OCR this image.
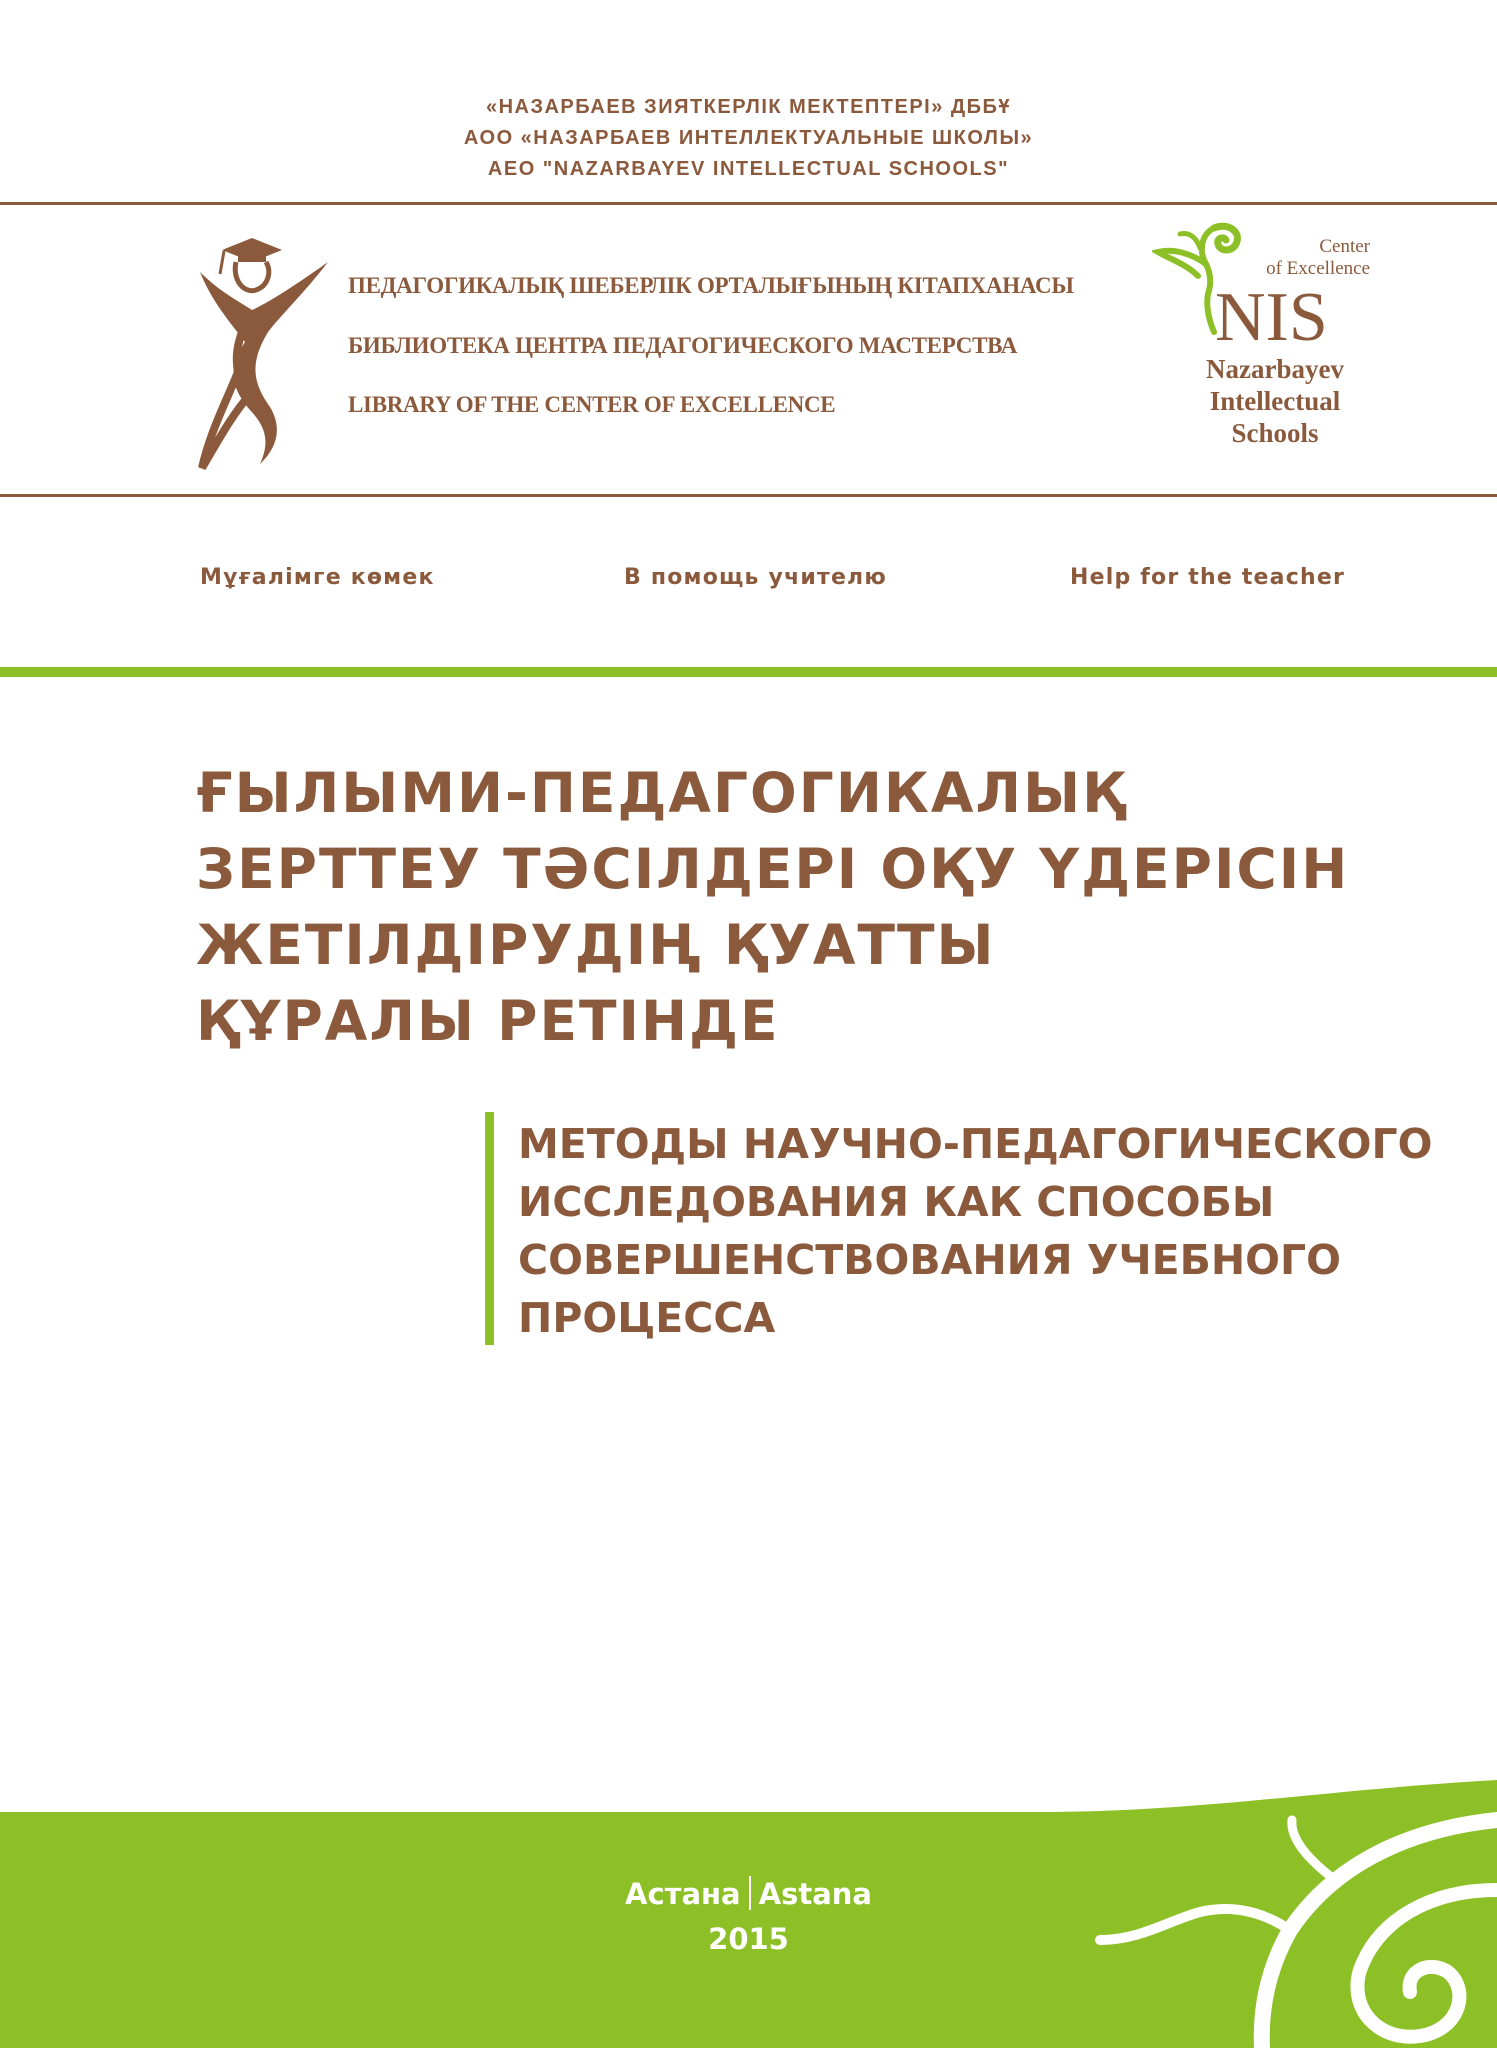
«НАЗАРБАЕВ ЗИЯТКЕРЛІК МЕКТЕПТЕРІ» ДББҰ
АОО «НАЗАРБАЕВ ИНТЕЛЛЕКТУАЛЬНЫЕ ШКОЛЫ»
АЕО "NAZARBAYEV INTELLECTUAL SCHOOLS"
ПЕДАГОГИКАЛЫҚ ШЕБЕРЛІК ОРТАЛЫҒЫНЫҢ КІТАПХАНАСЫ
БИБЛИОТЕКА ЦЕНТРА ПЕДАГОГИЧЕСКОГО МАСТЕРСТВА
LIBRARY OF THE CENTER OF EXCELLENCE
Center
of Excellence
NIS
Nazarbayev
Intellectual
Schools
Мұғалімге көмек	В помощь учителю	Help for the teacher
ҒЫЛЫМИ-ПЕДАГОГИКАЛЫҚ
ЗЕРТТЕУ ТӘСІЛДЕРІ ОҚУ ҮДЕРІСІН
ЖЕТІЛДІРУДІҢ ҚУАТТЫ
ҚҰРАЛЫ РЕТІНДЕ
МЕТОДЫ НАУЧНО-ПЕДАГОГИЧЕСКОГО
ИССЛЕДОВАНИЯ КАК СПОСОБЫ
СОВЕРШЕНСТВОВАНИЯ УЧЕБНОГО
ПРОЦЕССА
Астана Astana
2015
